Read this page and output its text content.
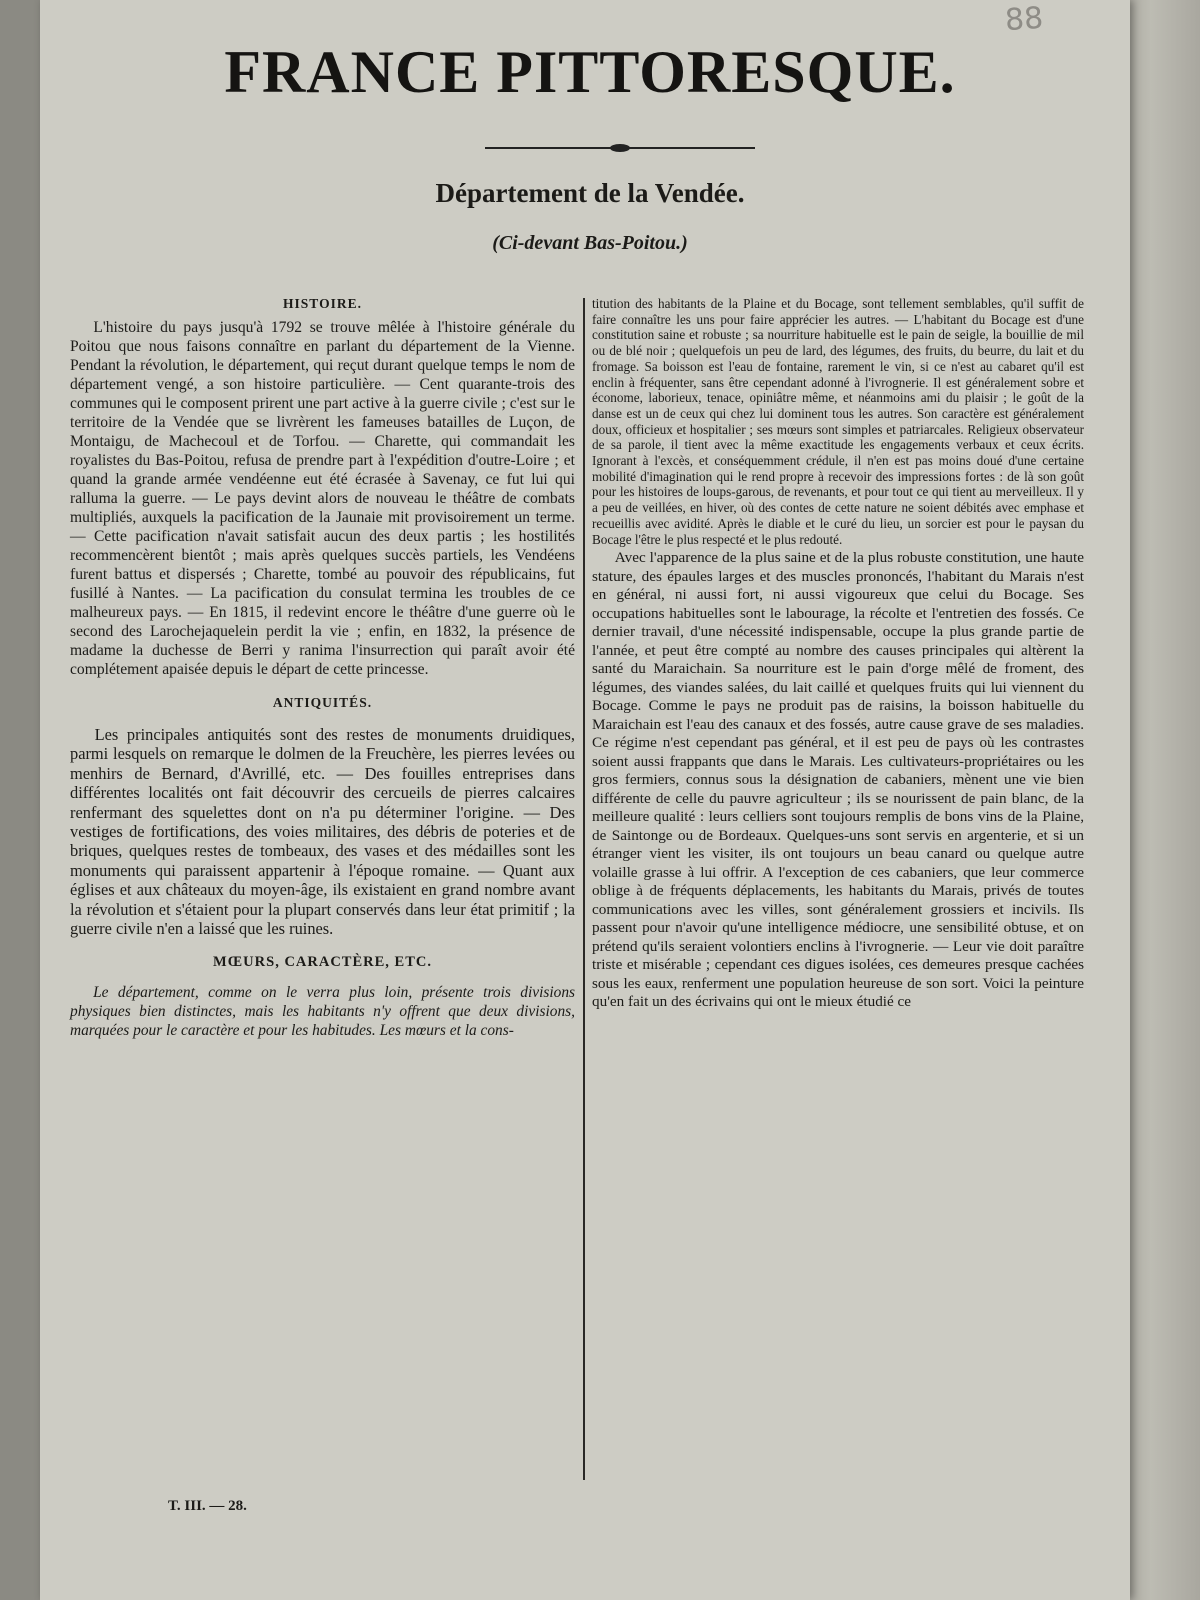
88
FRANCE PITTORESQUE.
Département de la Vendée.
(Ci-devant Bas-Poitou.)
HISTOIRE.

L'histoire du pays jusqu'à 1792 se trouve mêlée à l'histoire générale du Poitou que nous faisons connaître en parlant du département de la Vienne. Pendant la révolution, le département, qui reçut durant quelque temps le nom de département vengé, a son histoire particulière. — Cent quarante-trois des communes qui le composent prirent une part active à la guerre civile ; c'est sur le territoire de la Vendée que se livrèrent les fameuses batailles de Luçon, de Montaigu, de Machecoul et de Torfou. — Charette, qui commandait les royalistes du Bas-Poitou, refusa de prendre part à l'expédition d'outre-Loire ; et quand la grande armée vendéenne eut été écrasée à Savenay, ce fut lui qui ralluma la guerre. — Le pays devint alors de nouveau le théâtre de combats multipliés, auxquels la pacification de la Jaunaie mit provisoirement un terme. — Cette pacification n'avait satisfait aucun des deux partis ; les hostilités recommencèrent bientôt ; mais après quelques succès partiels, les Vendéens furent battus et dispersés ; Charette, tombé au pouvoir des républicains, fut fusillé à Nantes. — La pacification du consulat termina les troubles de ce malheureux pays. — En 1815, il redevint encore le théâtre d'une guerre où le second des Larochejaquelein perdit la vie ; enfin, en 1832, la présence de madame la duchesse de Berri y ranima l'insurrection qui paraît avoir été complétement apaisée depuis le départ de cette princesse.

ANTIQUITÉS.

Les principales antiquités sont des restes de monuments druidiques, parmi lesquels on remarque le dolmen de la Freuchère, les pierres levées ou menhirs de Bernard, d'Avrillé, etc. — Des fouilles entreprises dans différentes localités ont fait découvrir des cercueils de pierres calcaires renfermant des squelettes dont on n'a pu déterminer l'origine. — Des vestiges de fortifications, des voies militaires, des débris de poteries et de briques, quelques restes de tombeaux, des vases et des médailles sont les monuments qui paraissent appartenir à l'époque romaine. — Quant aux églises et aux châteaux du moyen-âge, ils existaient en grand nombre avant la révolution et s'étaient pour la plupart conservés dans leur état primitif ; la guerre civile n'en a laissé que les ruines.

MŒURS, CARACTÈRE, ETC.

Le département, comme on le verra plus loin, présente trois divisions physiques bien distinctes, mais les habitants n'y offrent que deux divisions, marquées pour le caractère et pour les habitudes. Les mœurs et la cons-

titution des habitants de la Plaine et du Bocage, sont tellement semblables, qu'il suffit de faire connaître les uns pour faire apprécier les autres. — L'habitant du Bocage est d'une constitution saine et robuste ; sa nourriture habituelle est le pain de seigle, la bouillie de mil ou de blé noir ; quelquefois un peu de lard, des légumes, des fruits, du beurre, du lait et du fromage. Sa boisson est l'eau de fontaine, rarement le vin, si ce n'est au cabaret qu'il est enclin à fréquenter, sans être cependant adonné à l'ivrognerie. Il est généralement sobre et économe, laborieux, tenace, opiniâtre même, et néanmoins ami du plaisir ; le goût de la danse est un de ceux qui chez lui dominent tous les autres. Son caractère est généralement doux, officieux et hospitalier ; ses mœurs sont simples et patriarcales. Religieux observateur de sa parole, il tient avec la même exactitude les engagements verbaux et ceux écrits. Ignorant à l'excès, et conséquemment crédule, il n'en est pas moins doué d'une certaine mobilité d'imagination qui le rend propre à recevoir des impressions fortes : de là son goût pour les histoires de loups-garous, de revenants, et pour tout ce qui tient au merveilleux. Il y a peu de veillées, en hiver, où des contes de cette nature ne soient débités avec emphase et recueillis avec avidité. Après le diable et le curé du lieu, un sorcier est pour le paysan du Bocage l'être le plus respecté et le plus redouté.

Avec l'apparence de la plus saine et de la plus robuste constitution, une haute stature, des épaules larges et des muscles prononcés, l'habitant du Marais n'est en général, ni aussi fort, ni aussi vigoureux que celui du Bocage. Ses occupations habituelles sont le labourage, la récolte et l'entretien des fossés. Ce dernier travail, d'une nécessité indispensable, occupe la plus grande partie de l'année, et peut être compté au nombre des causes principales qui altèrent la santé du Maraichain. Sa nourriture est le pain d'orge mêlé de froment, des légumes, des viandes salées, du lait caillé et quelques fruits qui lui viennent du Bocage. Comme le pays ne produit pas de raisins, la boisson habituelle du Maraichain est l'eau des canaux et des fossés, autre cause grave de ses maladies. Ce régime n'est cependant pas général, et il est peu de pays où les contrastes soient aussi frappants que dans le Marais. Les cultivateurs-propriétaires ou les gros fermiers, connus sous la désignation de cabaniers, mènent une vie bien différente de celle du pauvre agriculteur ; ils se nourissent de pain blanc, de la meilleure qualité : leurs celliers sont toujours remplis de bons vins de la Plaine, de Saintonge ou de Bordeaux. Quelques-uns sont servis en argenterie, et si un étranger vient les visiter, ils ont toujours un beau canard ou quelque autre volaille grasse à lui offrir. A l'exception de ces cabaniers, que leur commerce oblige à de fréquents déplacements, les habitants du Marais, privés de toutes communications avec les villes, sont généralement grossiers et incivils. Ils passent pour n'avoir qu'une intelligence médiocre, une sensibilité obtuse, et on prétend qu'ils seraient volontiers enclins à l'ivrognerie. — Leur vie doit paraître triste et misérable ; cependant ces digues isolées, ces demeures presque cachées sous les eaux, renferment une population heureuse de son sort. Voici la peinture qu'en fait un des écrivains qui ont le mieux étudié ce

T. III. — 28.
